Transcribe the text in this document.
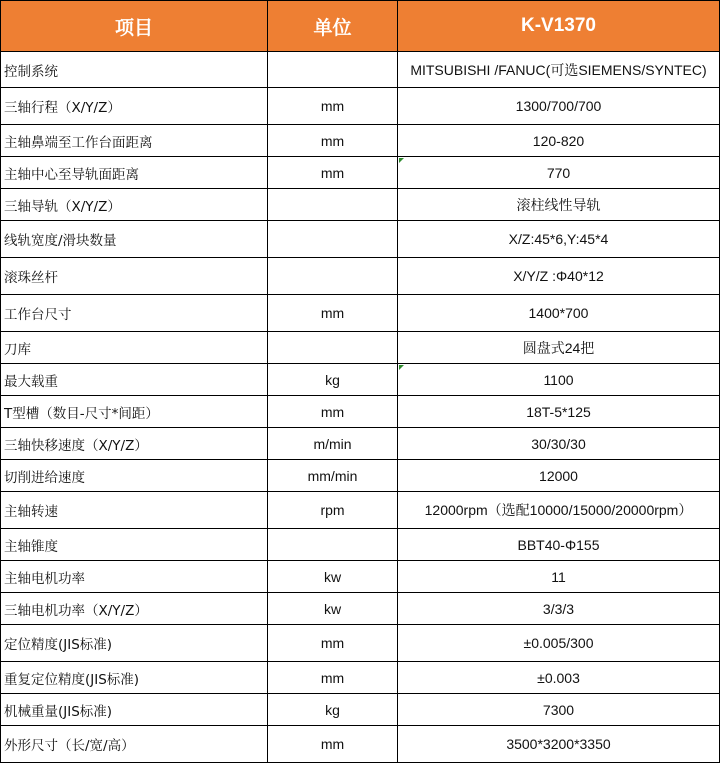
项目	单位	K-V1370
控制系统		MITSUBISHI /FANUC(可选SIEMENS/SYNTEC)
三轴行程（X/Y/Z）	mm	1300/700/700
主轴鼻端至工作台面距离	mm	120-820
主轴中心至导轨面距离	mm	770
三轴导轨（X/Y/Z）		滚柱线性导轨
线轨宽度/滑块数量		X/Z:45*6,Y:45*4
滚珠丝杆		X/Y/Z :Φ40*12
工作台尺寸	mm	1400*700
刀库		圆盘式24把
最大载重	kg	1100
T型槽（数目-尺寸*间距）	mm	18T-5*125
三轴快移速度（X/Y/Z）	m/min	30/30/30
切削进给速度	mm/min	12000
主轴转速	rpm	12000rpm（选配10000/15000/20000rpm）
主轴锥度		BBT40-Φ155
主轴电机功率	kw	11
三轴电机功率（X/Y/Z）	kw	3/3/3
定位精度(JIS标准)	mm	±0.005/300
重复定位精度(JIS标准)	mm	±0.003
机械重量(JIS标准)	kg	7300
外形尺寸（长/宽/高）	mm	3500*3200*3350
